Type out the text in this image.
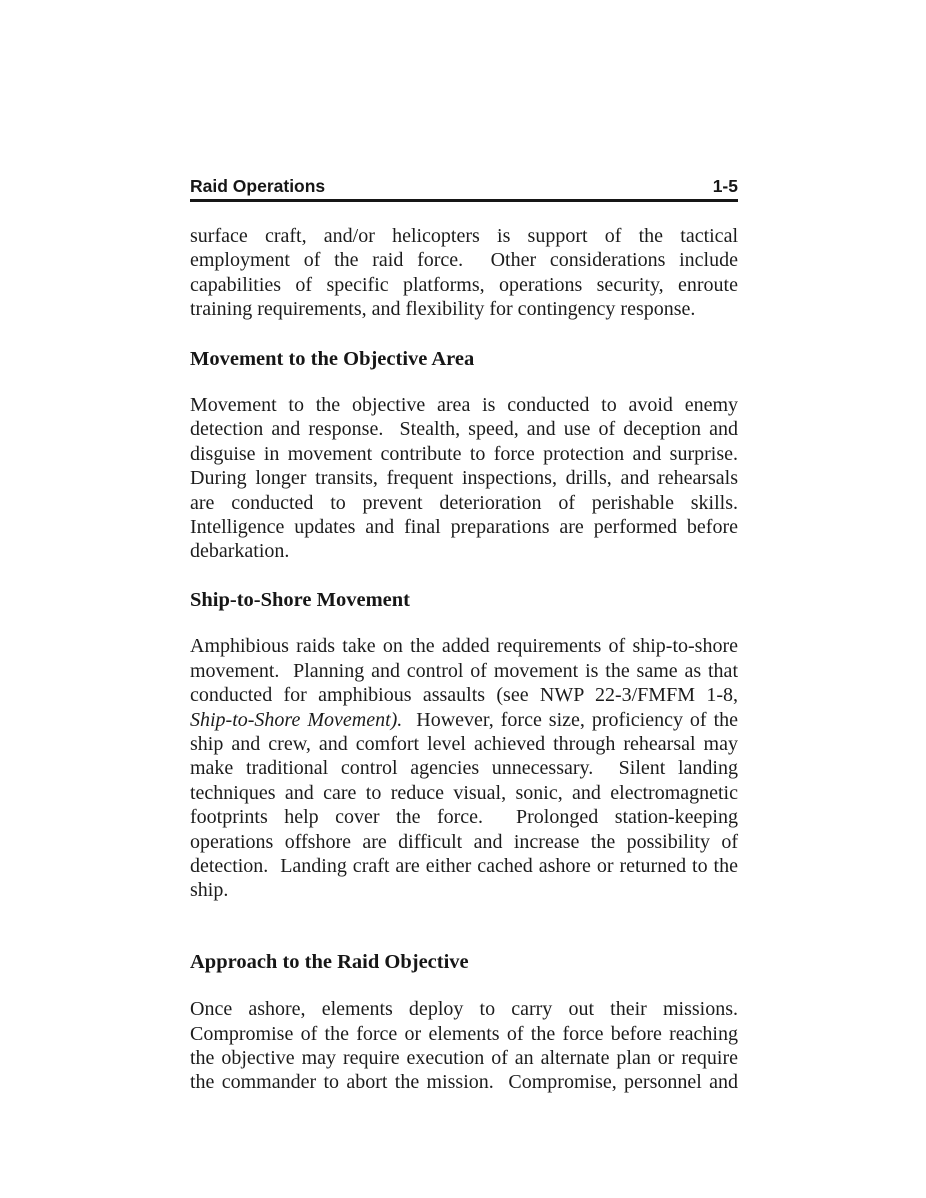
Raid Operations	1-5

surface craft, and/or helicopters is support of the tactical employment of the raid force.  Other considerations include capabilities of specific platforms, operations security, enroute training requirements, and flexibility for contingency response.

Movement to the Objective Area

Movement to the objective area is conducted to avoid enemy detection and response.  Stealth, speed, and use of deception and disguise in movement contribute to force protection and surprise.  During longer transits, frequent inspections, drills, and rehearsals are conducted to prevent deterioration of perishable skills.  Intelligence updates and final preparations are performed before debarkation.

Ship-to-Shore Movement

Amphibious raids take on the added requirements of ship-to-shore movement.  Planning and control of movement is the same as that conducted for amphibious assaults (see NWP 22-3/FMFM 1-8, Ship-to-Shore Movement).  However, force size, proficiency of the ship and crew, and comfort level achieved through rehearsal may make traditional control agencies unnecessary.  Silent landing techniques and care to reduce visual, sonic, and electromagnetic footprints help cover the force.  Prolonged station-keeping operations offshore are difficult and increase the possibility of detection.  Landing craft are either cached ashore or returned to the ship.

Approach to the Raid Objective

Once ashore, elements deploy to carry out their missions.  Compromise of the force or elements of the force before reaching the objective may require execution of an alternate plan or require the commander to abort the mission.  Compromise, personnel and
